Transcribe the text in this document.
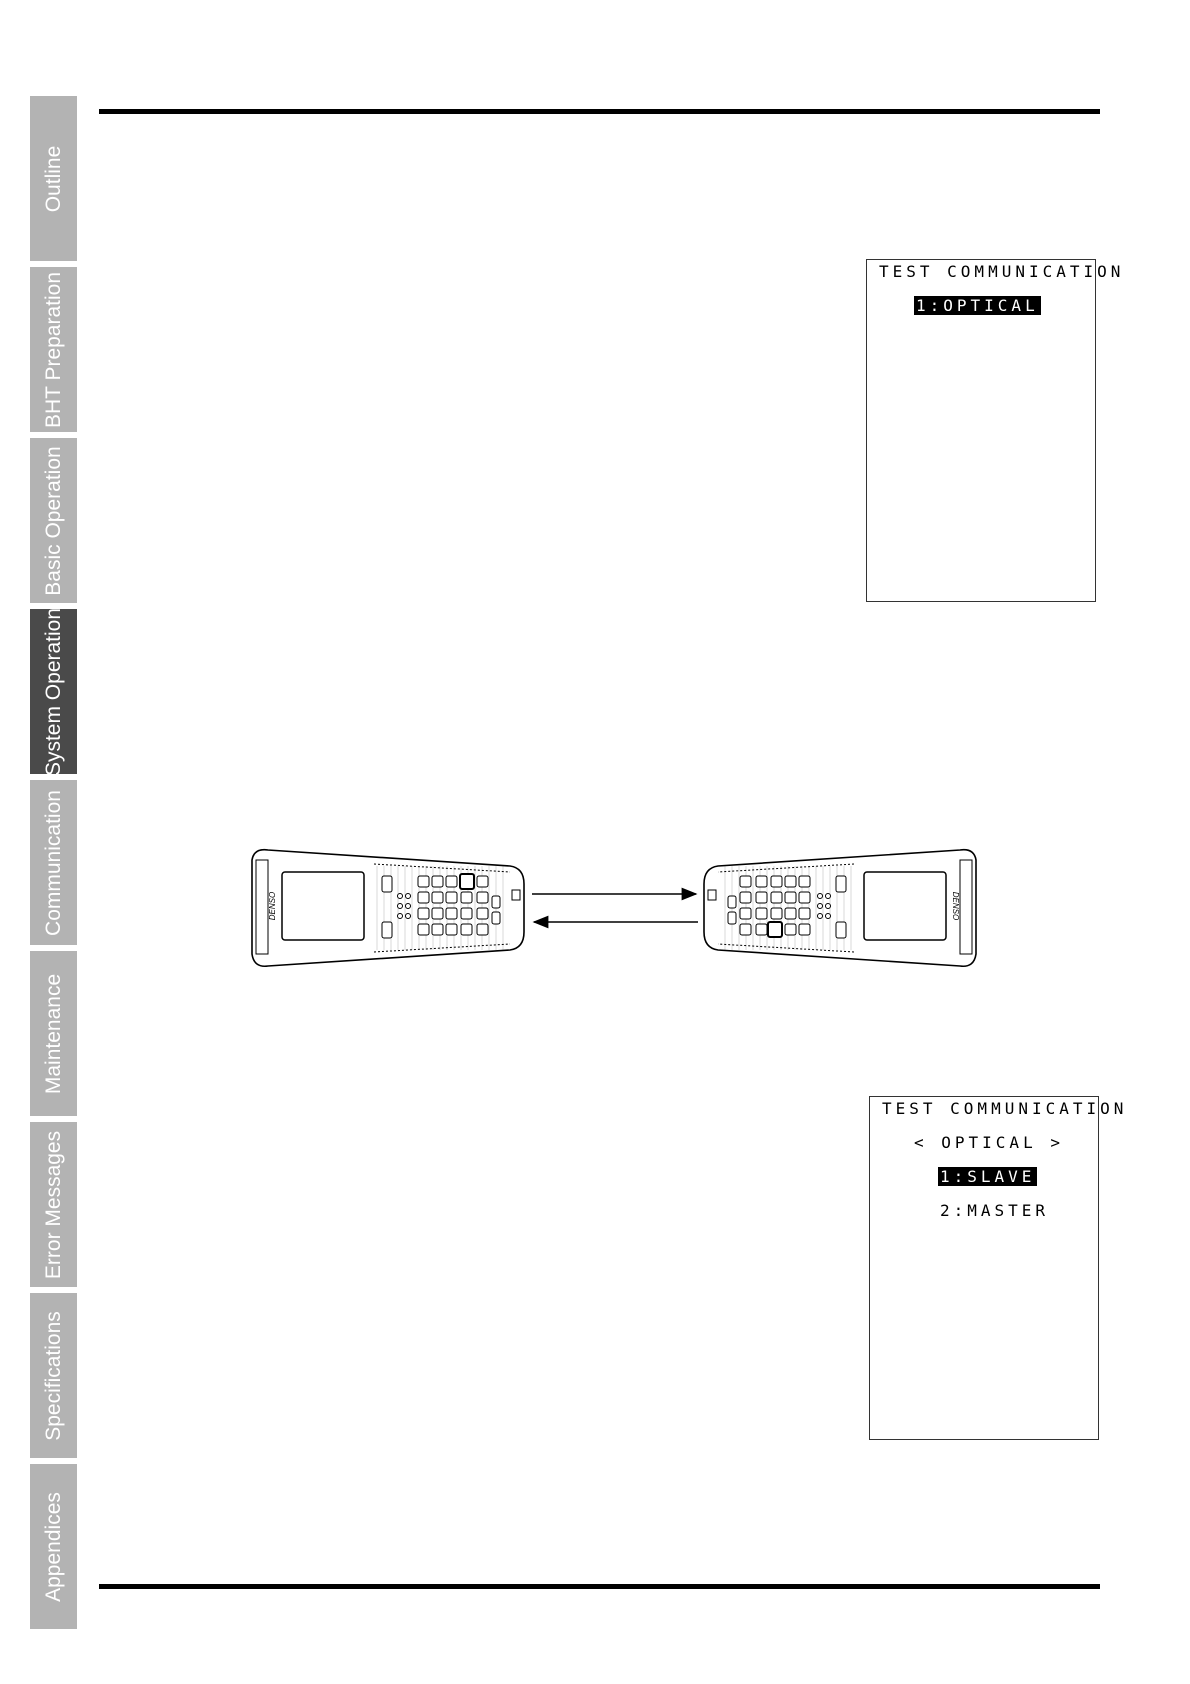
Outline
BHT Preparation
Basic Operation
System Operation
Communication
Maintenance
Error Messages
Specifications
Appendices
TEST COMMUNICATION
1:OPTICAL
DENSO	DENSO
TEST COMMUNICATION
< OPTICAL >
1:SLAVE
2:MASTER
